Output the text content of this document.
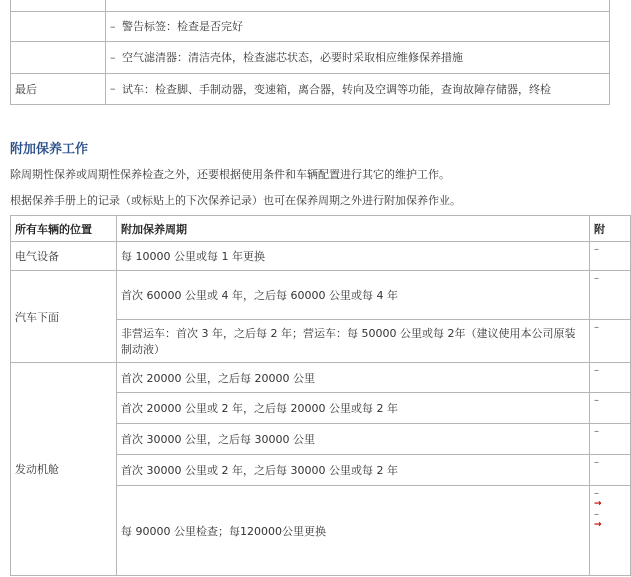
	– 警告标签：检查是否完好

	– 空气滤清器：清洁壳体，检查滤芯状态，必要时采取相应维修保养措施

最后	– 试车：检查脚、手制动器，变速箱，离合器，转向及空调等功能，查询故障存储器，终检
附加保养工作
除周期性保养或周期性保养检查之外，还要根据使用条件和车辆配置进行其它的维护工作。
根据保养手册上的记录（或标贴上的下次保养记录）也可在保养周期之外进行附加保养作业。
所有车辆的位置	附加保养周期	附
电气设备	每 10000 公里或每 1 年更换	–
汽车下面	首次 60000 公里或 4 年，之后每 60000 公里或每 4 年	–
	非营运车：首次 3 年，之后每 2 年；营运车：每 50000 公里或每 2年（建议使用本公司原装制动液）	–
发动机舱	首次 20000 公里，之后每 20000 公里	–
	首次 20000 公里或 2 年，之后每 20000 公里或每 2 年	–
	首次 30000 公里，之后每 30000 公里	–
	首次 30000 公里或 2 年，之后每 30000 公里或每 2 年	–
	每 90000 公里检查；每120000公里更换	–
→
–
→
